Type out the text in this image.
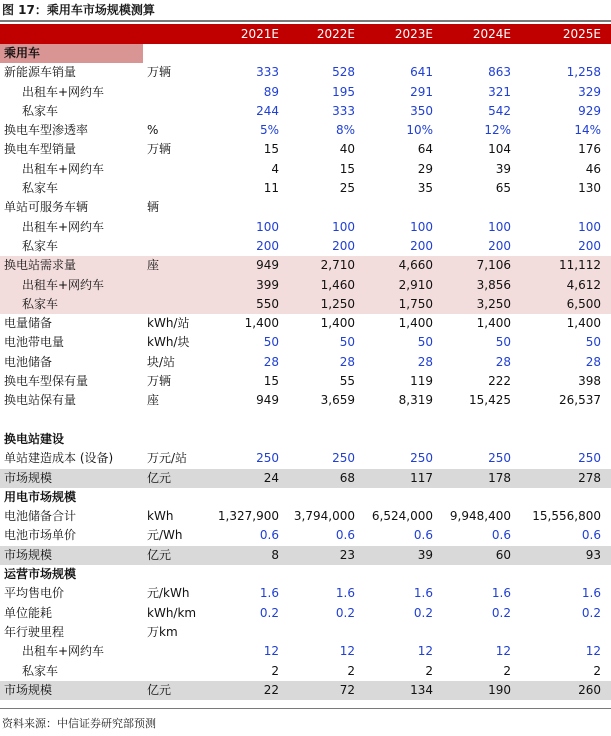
图 17：乘用车市场规模测算
2021E	2022E	2023E	2024E	2025E
乘用车
新能源车销量	万辆	333	528	641	863	1,258
出租车+网约车	89	195	291	321	329
私家车	244	333	350	542	929
换电车型渗透率	%	5%	8%	10%	12%	14%
换电车型销量	万辆	15	40	64	104	176
出租车+网约车	4	15	29	39	46
私家车	11	25	35	65	130
单站可服务车辆	辆
出租车+网约车	100	100	100	100	100
私家车	200	200	200	200	200
换电站需求量	座	949	2,710	4,660	7,106	11,112
出租车+网约车	399	1,460	2,910	3,856	4,612
私家车	550	1,250	1,750	3,250	6,500
电量储备	kWh/站	1,400	1,400	1,400	1,400	1,400
电池带电量	kWh/块	50	50	50	50	50
电池储备	块/站	28	28	28	28	28
换电车型保有量	万辆	15	55	119	222	398
换电站保有量	座	949	3,659	8,319	15,425	26,537
换电站建设
单站建造成本 (设备)	万元/站	250	250	250	250	250
市场规模	亿元	24	68	117	178	278
用电市场规模
电池储备合计	kWh	1,327,900 3,794,000 6,524,000 9,948,400 15,556,800
电池市场单价	元/Wh	0.6	0.6	0.6	0.6	0.6
市场规模	亿元	8	23	39	60	93
运营市场规模
平均售电价	元/kWh	1.6	1.6	1.6	1.6	1.6
单位能耗	kWh/km	0.2	0.2	0.2	0.2	0.2
年行驶里程	万km
出租车+网约车	12	12	12	12	12
私家车	2	2	2	2	2
市场规模	亿元	22	72	134	190	260
资料来源：中信证券研究部预测
